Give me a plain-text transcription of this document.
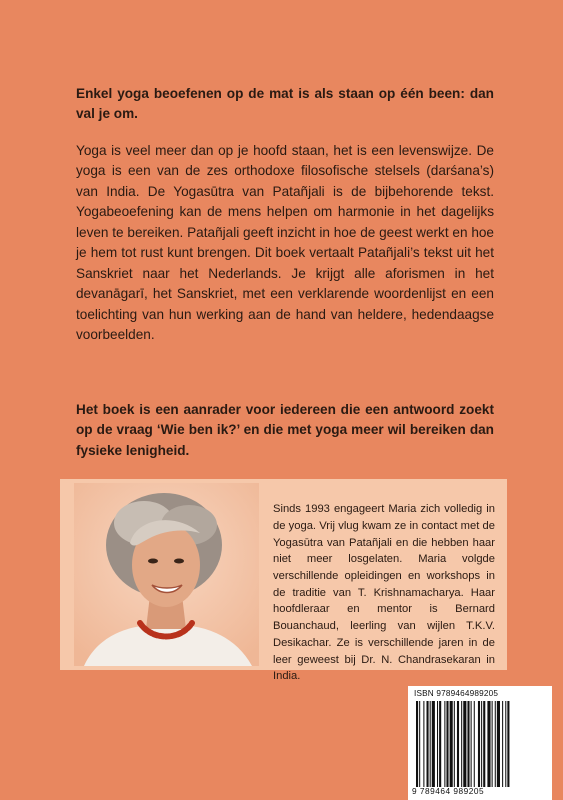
Enkel yoga beoefenen op de mat is als staan op één been: dan val je om.

Yoga is veel meer dan op je hoofd staan, het is een levenswijze. De yoga is een van de zes orthodoxe filosofische stelsels (darśana’s) van India. De Yogasūtra van Patañjali is de bijbehorende tekst. Yogabeoefening kan de mens helpen om harmonie in het dagelijks leven te bereiken. Patañjali geeft inzicht in hoe de geest werkt en hoe je hem tot rust kunt brengen. Dit boek vertaalt Patañjali’s tekst uit het Sanskriet naar het Nederlands. Je krijgt alle aforismen in het devanāgarī, het Sanskriet, met een verklarende woordenlijst en een toelichting van hun werking aan de hand van heldere, hedendaagse voorbeelden.

Het boek is een aanrader voor iedereen die een antwoord zoekt op de vraag ‘Wie ben ik?’ en die met yoga meer wil bereiken dan fysieke lenigheid.

Sinds 1993 engageert Maria zich volledig in de yoga. Vrij vlug kwam ze in contact met de Yogasūtra van Patañjali en die hebben haar niet meer losgelaten. Maria volgde verschillende opleidingen en workshops in de traditie van T. Krishnamacharya. Haar hoofdleraar en mentor is Bernard Bouanchaud, leerling van wijlen T.K.V. Desikachar. Ze is verschillende jaren in de leer geweest bij Dr. N. Chandrasekaran in India.

ISBN 9789464989205
9 789464 989205
